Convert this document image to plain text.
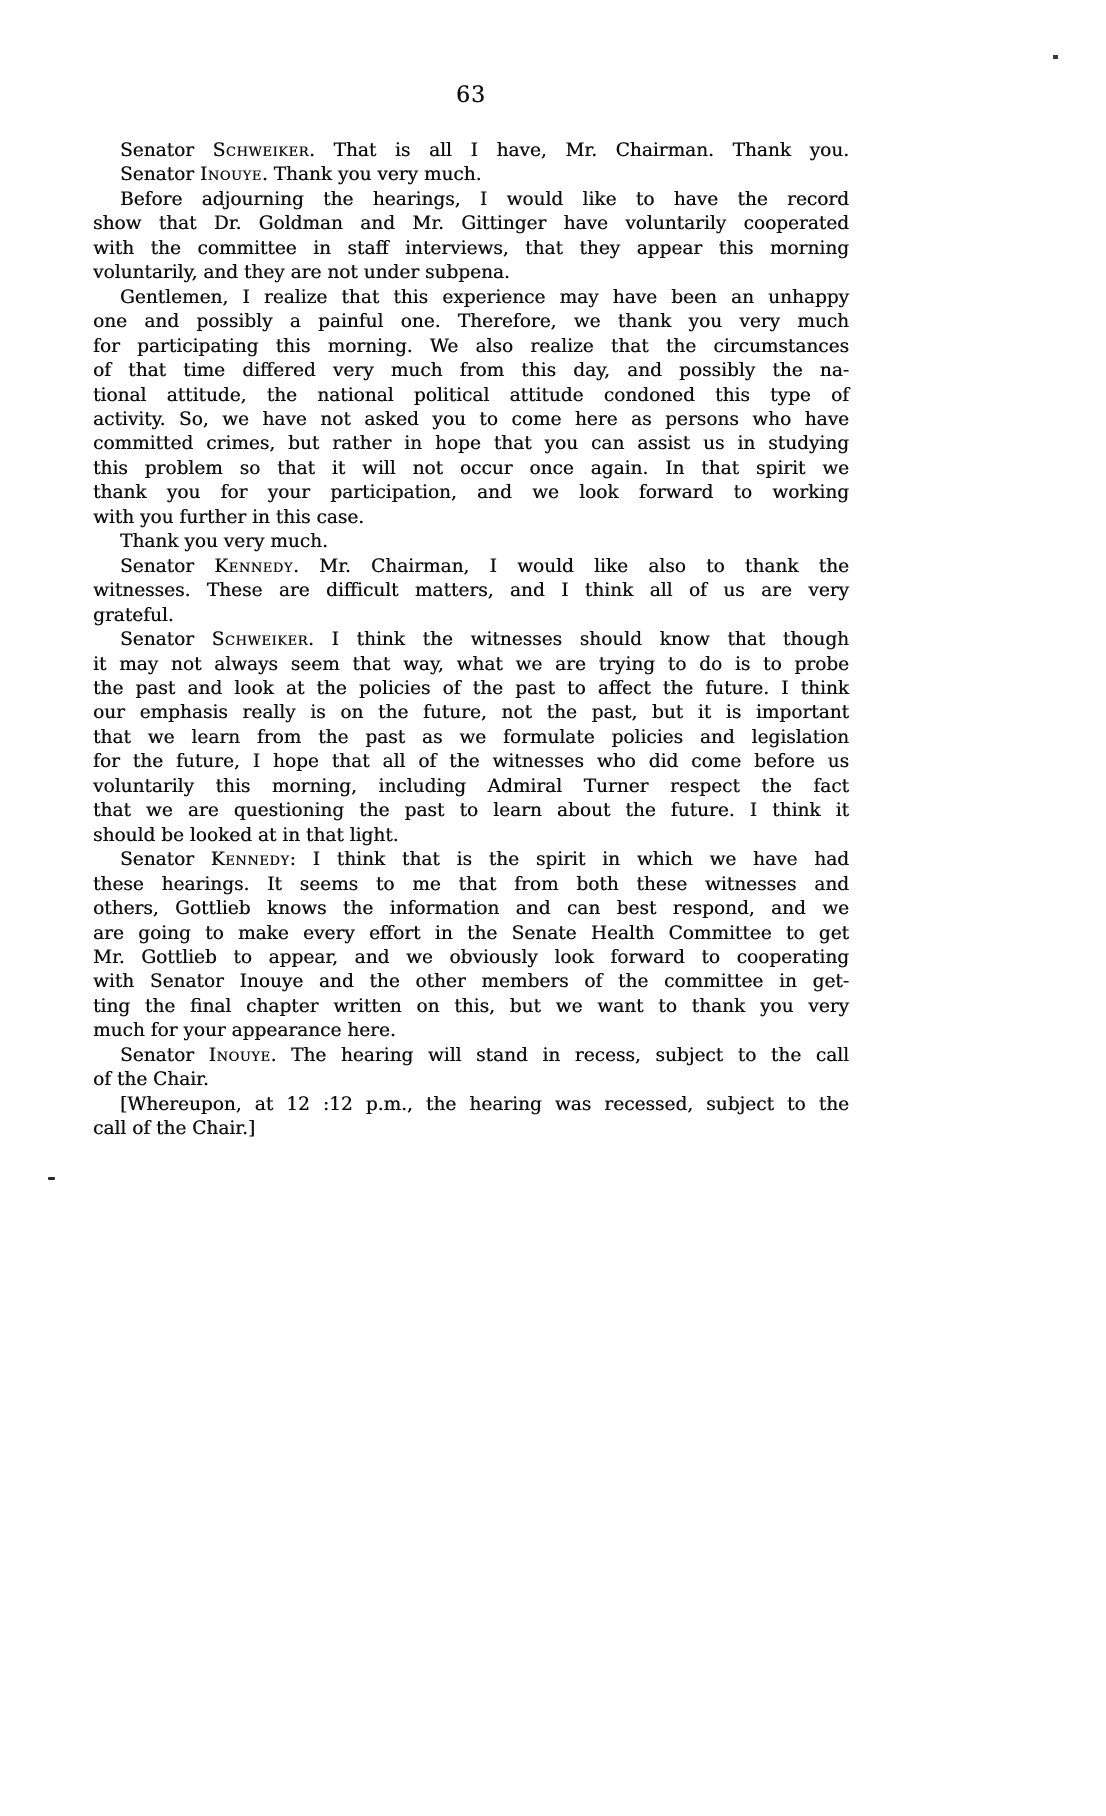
63
Senator Schweiker. That is all I have, Mr. Chairman. Thank you.
Senator Inouye. Thank you very much.
Before adjourning the hearings, I would like to have the record
show that Dr. Goldman and Mr. Gittinger have voluntarily cooperated
with the committee in staff interviews, that they appear this morning
voluntarily, and they are not under subpena.
Gentlemen, I realize that this experience may have been an unhappy
one and possibly a painful one. Therefore, we thank you very much
for participating this morning. We also realize that the circumstances
of that time differed very much from this day, and possibly the na-
tional attitude, the national political attitude condoned this type of
activity. So, we have not asked you to come here as persons who have
committed crimes, but rather in hope that you can assist us in studying
this problem so that it will not occur once again. In that spirit we
thank you for your participation, and we look forward to working
with you further in this case.
Thank you very much.
Senator Kennedy. Mr. Chairman, I would like also to thank the
witnesses. These are difficult matters, and I think all of us are very
grateful.
Senator Schweiker. I think the witnesses should know that though
it may not always seem that way, what we are trying to do is to probe
the past and look at the policies of the past to affect the future. I think
our emphasis really is on the future, not the past, but it is important
that we learn from the past as we formulate policies and legislation
for the future, I hope that all of the witnesses who did come before us
voluntarily this morning, including Admiral Turner respect the fact
that we are questioning the past to learn about the future. I think it
should be looked at in that light.
Senator Kennedy: I think that is the spirit in which we have had
these hearings. It seems to me that from both these witnesses and
others, Gottlieb knows the information and can best respond, and we
are going to make every effort in the Senate Health Committee to get
Mr. Gottlieb to appear, and we obviously look forward to cooperating
with Senator Inouye and the other members of the committee in get-
ting the final chapter written on this, but we want to thank you very
much for your appearance here.
Senator Inouye. The hearing will stand in recess, subject to the call
of the Chair.
[Whereupon, at 12 :12 p.m., the hearing was recessed, subject to the
call of the Chair.]
